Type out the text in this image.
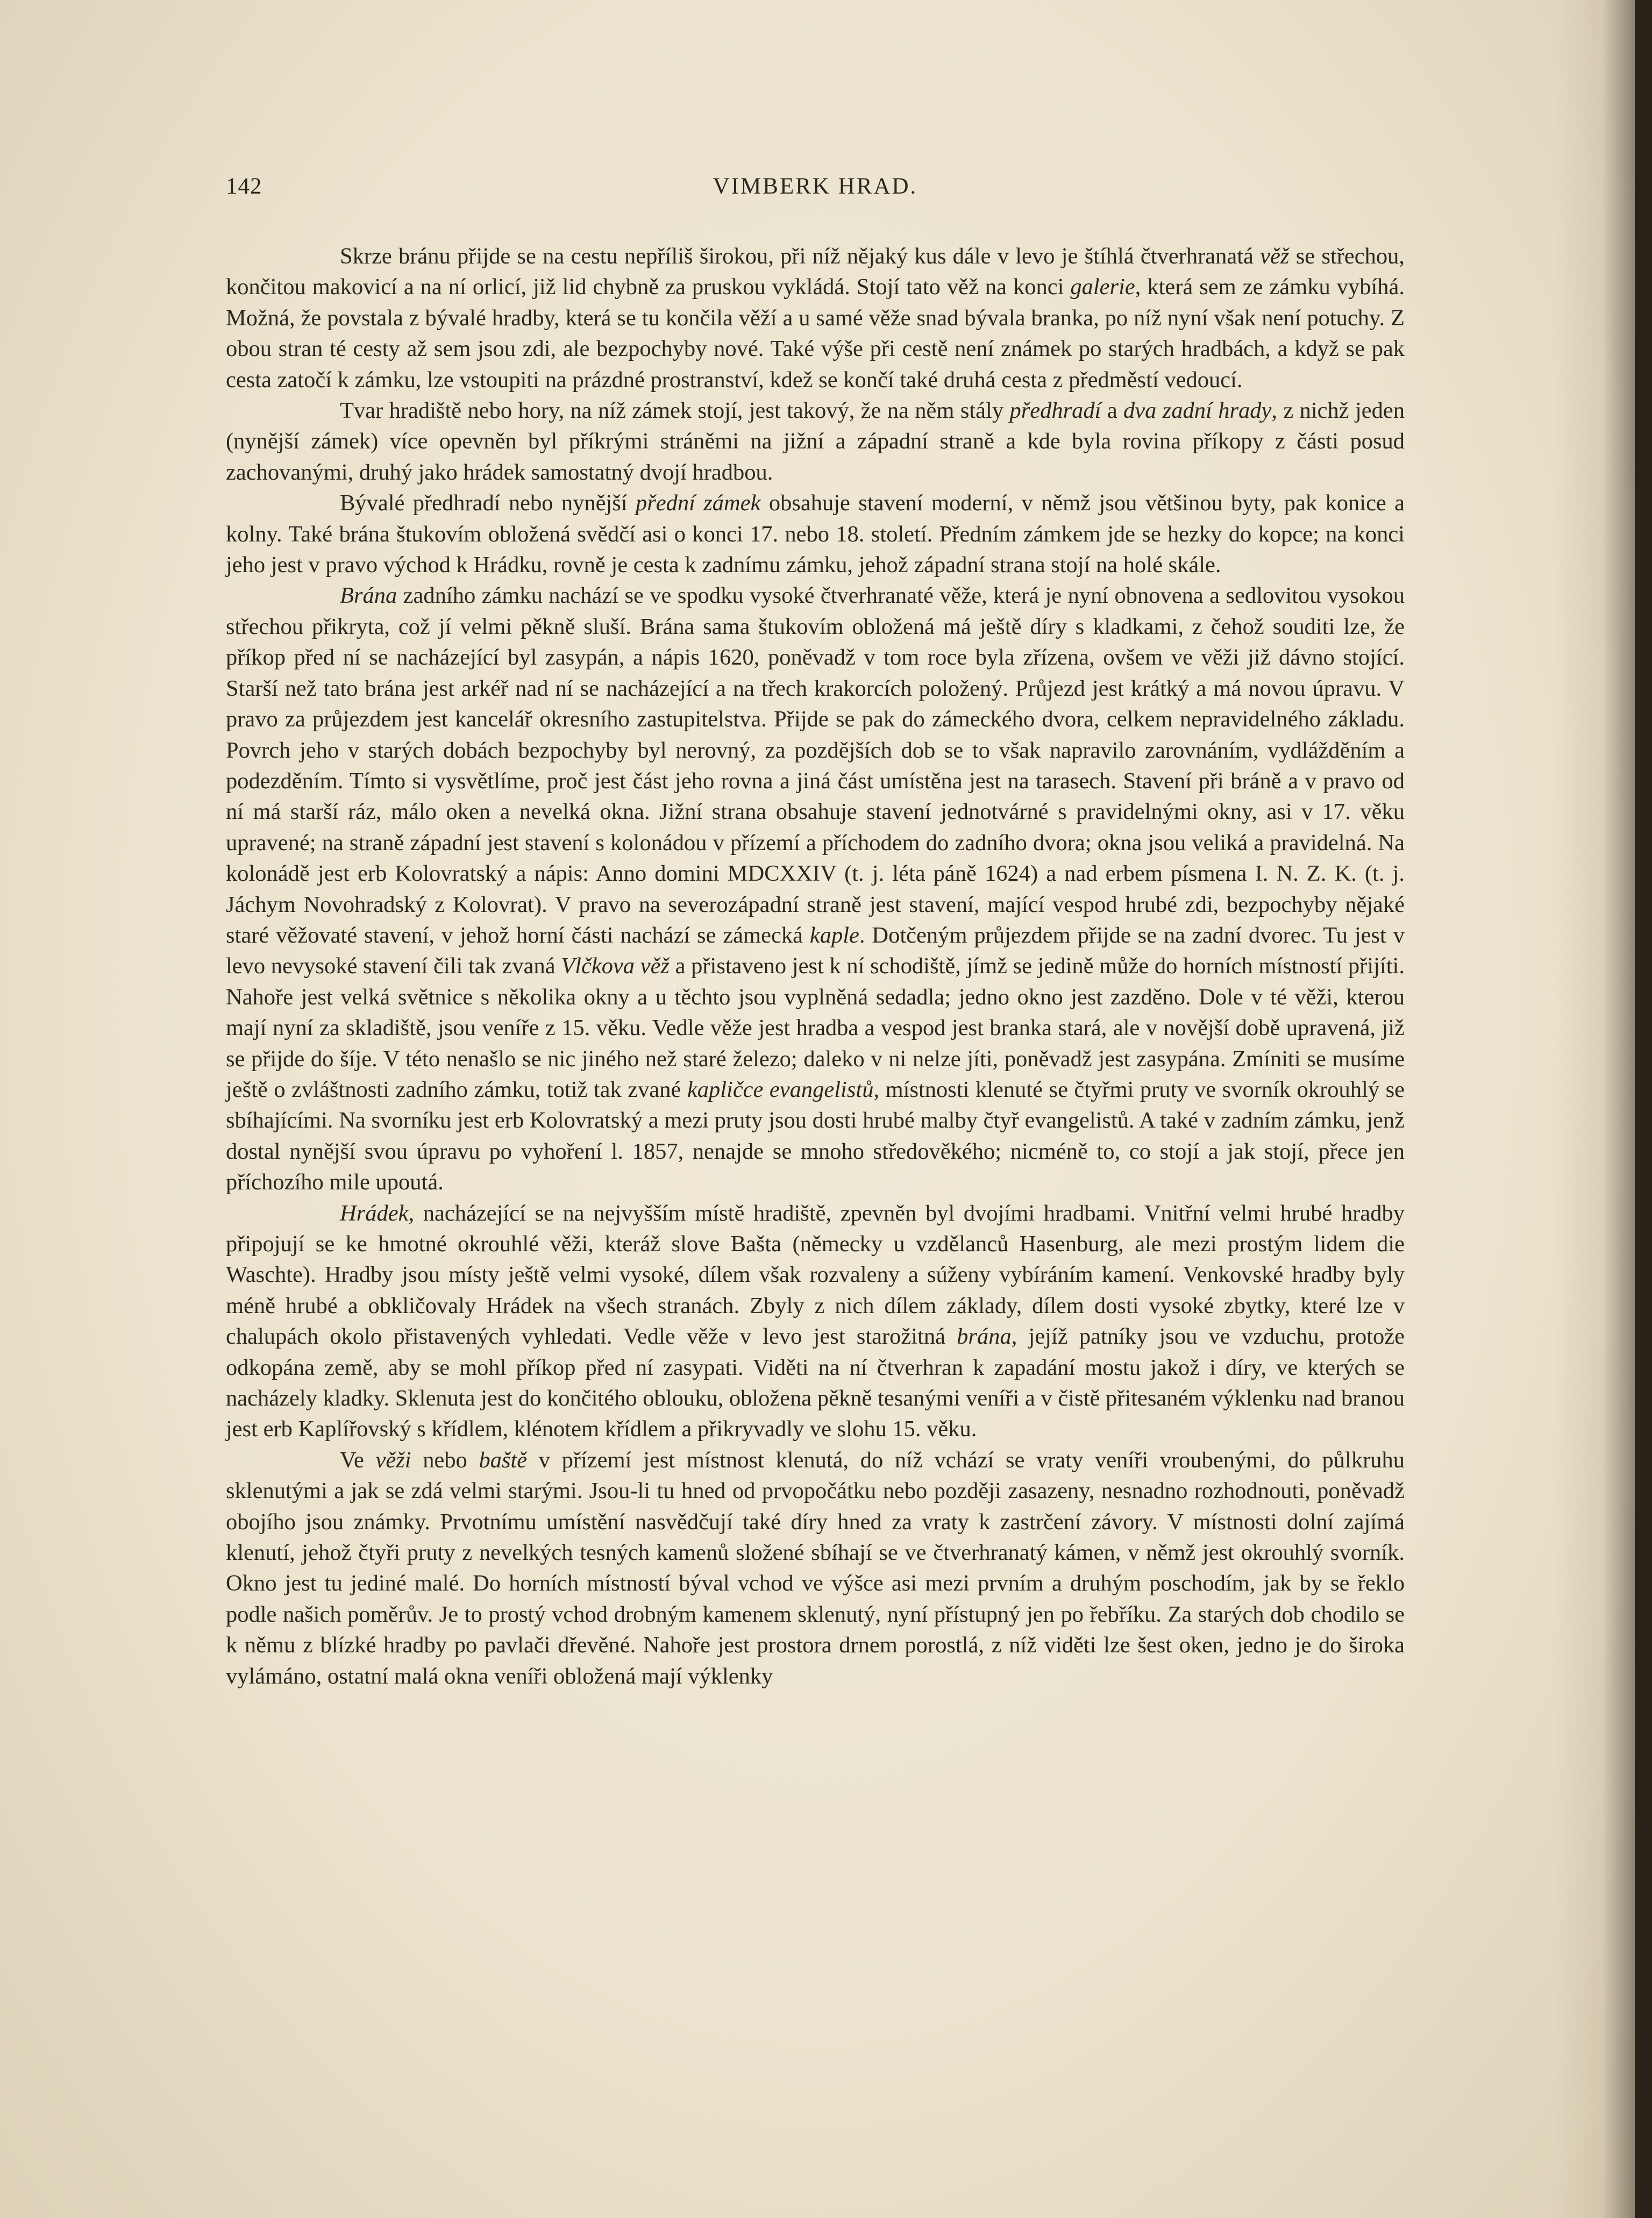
142	VIMBERK HRAD.

Skrze bránu přijde se na cestu nepříliš širokou, při níž nějaký kus dále v levo je štíhlá čtverhranatá věž se střechou, končitou makovicí a na ní orlicí, již lid chybně za pruskou vykládá. Stojí tato věž na konci galerie, která sem ze zámku vybíhá. Možná, že povstala z bývalé hradby, která se tu končila věží a u samé věže snad bývala branka, po níž nyní však není potuchy. Z obou stran té cesty až sem jsou zdi, ale bezpochyby nové. Také výše při cestě není známek po starých hradbách, a když se pak cesta zatočí k zámku, lze vstoupiti na prázdné prostranství, kdež se končí také druhá cesta z předměstí vedoucí.

Tvar hradiště nebo hory, na níž zámek stojí, jest takový, že na něm stály předhradí a dva zadní hrady, z nichž jeden (nynější zámek) více opevněn byl příkrými stráněmi na jižní a západní straně a kde byla rovina příkopy z části posud zachovanými, druhý jako hrádek samostatný dvojí hradbou.

Bývalé předhradí nebo nynější přední zámek obsahuje stavení moderní, v němž jsou většinou byty, pak konice a kolny. Také brána štukovím obložená svědčí asi o konci 17. nebo 18. století. Předním zámkem jde se hezky do kopce; na konci jeho jest v pravo východ k Hrádku, rovně je cesta k zadnímu zámku, jehož západní strana stojí na holé skále.

Brána zadního zámku nachází se ve spodku vysoké čtverhranaté věže, která je nyní obnovena a sedlovitou vysokou střechou přikryta, což jí velmi pěkně sluší. Brána sama štukovím obložená má ještě díry s kladkami, z čehož souditi lze, že příkop před ní se nacházející byl zasypán, a nápis 1620, poněvadž v tom roce byla zřízena, ovšem ve věži již dávno stojící. Starší než tato brána jest arkéř nad ní se nacházející a na třech krakorcích položený. Průjezd jest krátký a má novou úpravu. V pravo za průjezdem jest kancelář okresního zastupitelstva. Přijde se pak do zámeckého dvora, celkem nepravidelného základu. Povrch jeho v starých dobách bezpochyby byl nerovný, za pozdějších dob se to však napravilo zarovnáním, vydlážděním a podezděním. Tímto si vysvětlíme, proč jest část jeho rovna a jiná část umístěna jest na tarasech. Stavení při bráně a v pravo od ní má starší ráz, málo oken a nevelká okna. Jižní strana obsahuje stavení jednotvárné s pravidelnými okny, asi v 17. věku upravené; na straně západní jest stavení s kolonádou v přízemí a příchodem do zadního dvora; okna jsou veliká a pravidelná. Na kolonádě jest erb Kolovratský a nápis: Anno domini MDCXXIV (t. j. léta páně 1624) a nad erbem písmena I. N. Z. K. (t. j. Jáchym Novohradský z Kolovrat). V pravo na severozápadní straně jest stavení, mající vespod hrubé zdi, bezpochyby nějaké staré věžovaté stavení, v jehož horní části nachází se zámecká kaple. Dotčeným průjezdem přijde se na zadní dvorec. Tu jest v levo nevysoké stavení čili tak zvaná Vlčkova věž a přistaveno jest k ní schodiště, jímž se jedině může do horních místností přijíti. Nahoře jest velká světnice s několika okny a u těchto jsou vyplněná sedadla; jedno okno jest zazděno. Dole v té věži, kterou mají nyní za skladiště, jsou veníře z 15. věku. Vedle věže jest hradba a vespod jest branka stará, ale v novější době upravená, již se přijde do šíje. V této nenašlo se nic jiného než staré železo; daleko v ni nelze jíti, poněvadž jest zasypána. Zmíniti se musíme ještě o zvláštnosti zadního zámku, totiž tak zvané kapličce evangelistů, místnosti klenuté se čtyřmi pruty ve svorník okrouhlý se sbíhajícími. Na svorníku jest erb Kolovratský a mezi pruty jsou dosti hrubé malby čtyř evangelistů. A také v zadním zámku, jenž dostal nynější svou úpravu po vyhoření l. 1857, nenajde se mnoho středověkého; nicméně to, co stojí a jak stojí, přece jen příchozího mile upoutá.

Hrádek, nacházející se na nejvyšším místě hradiště, zpevněn byl dvojími hradbami. Vnitřní velmi hrubé hradby připojují se ke hmotné okrouhlé věži, kteráž slove Bašta (německy u vzdělanců Hasenburg, ale mezi prostým lidem die Waschte). Hradby jsou místy ještě velmi vysoké, dílem však rozvaleny a súženy vybíráním kamení. Venkovské hradby byly méně hrubé a obkličovaly Hrádek na všech stranách. Zbyly z nich dílem základy, dílem dosti vysoké zbytky, které lze v chalupách okolo přistavených vyhledati. Vedle věže v levo jest starožitná brána, jejíž patníky jsou ve vzduchu, protože odkopána země, aby se mohl příkop před ní zasypati. Viděti na ní čtverhran k zapadání mostu jakož i díry, ve kterých se nacházely kladky. Sklenuta jest do končitého oblouku, obložena pěkně tesanými veníři a v čistě přitesaném výklenku nad branou jest erb Kaplířovský s křídlem, klénotem křídlem a přikryvadly ve slohu 15. věku.

Ve věži nebo baště v přízemí jest místnost klenutá, do níž vchází se vraty veníři vroubenými, do půlkruhu sklenutými a jak se zdá velmi starými. Jsou-li tu hned od prvopočátku nebo později zasazeny, nesnadno rozhodnouti, poněvadž obojího jsou známky. Prvotnímu umístění nasvědčují také díry hned za vraty k zastrčení závory. V místnosti dolní zajímá klenutí, jehož čtyři pruty z nevelkých tesných kamenů složené sbíhají se ve čtverhranatý kámen, v němž jest okrouhlý svorník. Okno jest tu jediné malé. Do horních místností býval vchod ve výšce asi mezi prvním a druhým poschodím, jak by se řeklo podle našich poměrův. Je to prostý vchod drobným kamenem sklenutý, nyní přístupný jen po řebříku. Za starých dob chodilo se k němu z blízké hradby po pavlači dřevěné. Nahoře jest prostora drnem porostlá, z níž viděti lze šest oken, jedno je do široka vylámáno, ostatní malá okna veníři obložená mají výklenky
